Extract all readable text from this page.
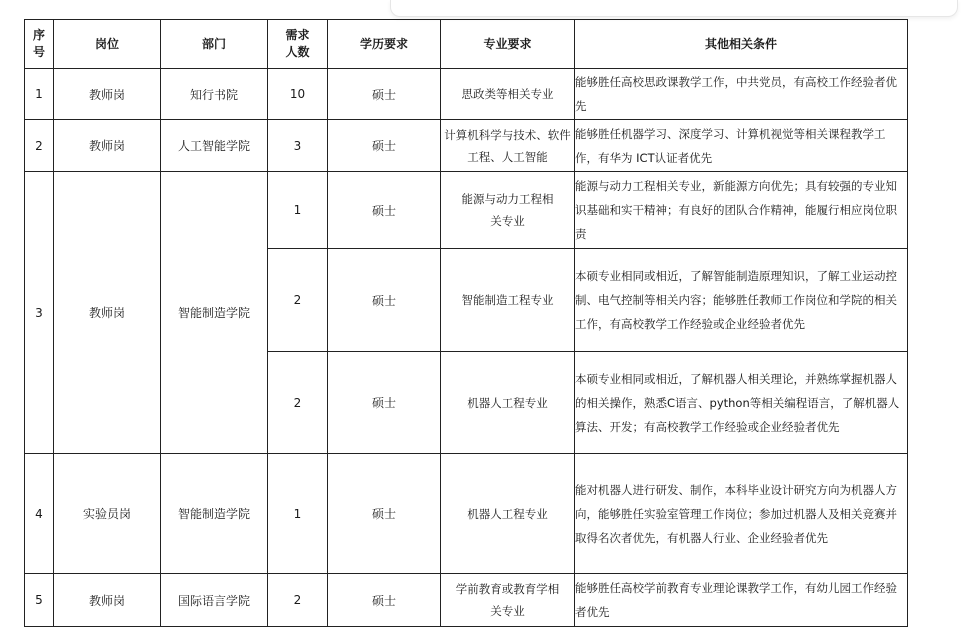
序号	岗位	部门	需求人数	学历要求	专业要求	其他相关条件
1	教师岗	知行书院	10	硕士	思政类等相关专业	能够胜任高校思政课教学工作，中共党员，有高校工作经验者优先
2	教师岗	人工智能学院	3	硕士	计算机科学与技术、软件工程、人工智能	能够胜任机器学习、深度学习、计算机视觉等相关课程教学工作，有华为 ICT认证者优先
3	教师岗	智能制造学院	1	硕士	能源与动力工程相关专业	能源与动力工程相关专业，新能源方向优先；具有较强的专业知识基础和实干精神；有良好的团队合作精神，能履行相应岗位职责
			2	硕士	智能制造工程专业	本硕专业相同或相近，了解智能制造原理知识，了解工业运动控制、电气控制等相关内容；能够胜任教师工作岗位和学院的相关工作，有高校教学工作经验或企业经验者优先
			2	硕士	机器人工程专业	本硕专业相同或相近，了解机器人相关理论，并熟练掌握机器人的相关操作，熟悉C语言、python等相关编程语言，了解机器人算法、开发；有高校教学工作经验或企业经验者优先
4	实验员岗	智能制造学院	1	硕士	机器人工程专业	能对机器人进行研发、制作，本科毕业设计研究方向为机器人方向，能够胜任实验室管理工作岗位；参加过机器人及相关竞赛并取得名次者优先，有机器人行业、企业经验者优先
5	教师岗	国际语言学院	2	硕士	学前教育或教育学相关专业	能够胜任高校学前教育专业理论课教学工作，有幼儿园工作经验者优先
